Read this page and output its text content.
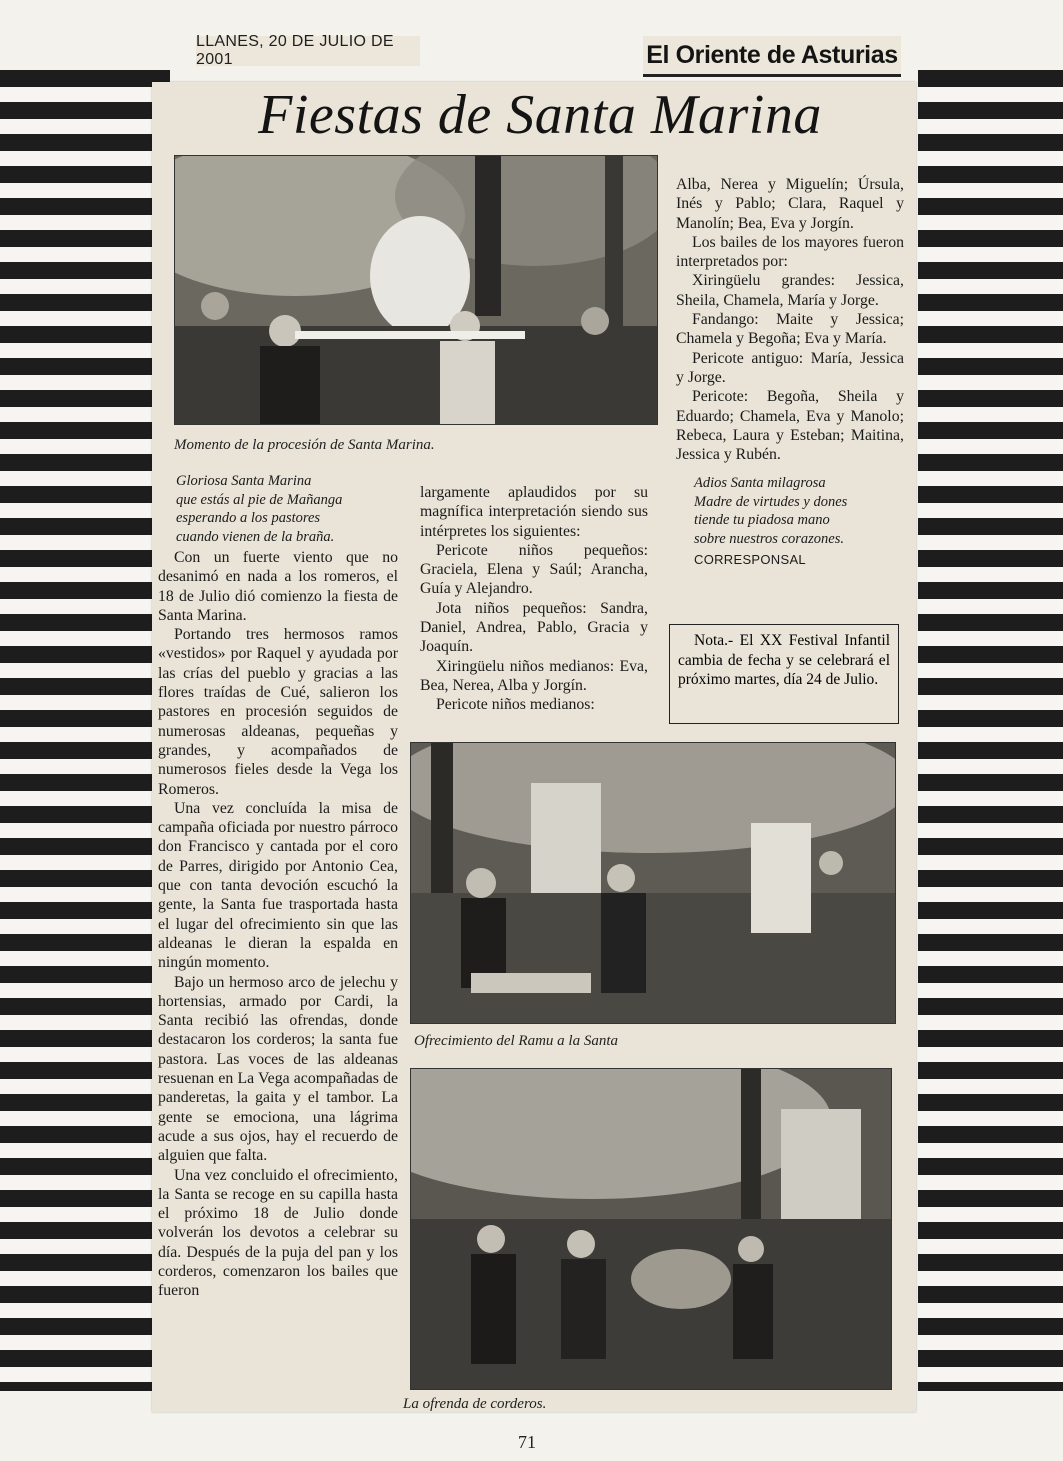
LLANES, 20 DE JULIO DE 2001	El Oriente de Asturias
Fiestas de Santa Marina
Momento de la procesión de Santa Marina.
Gloriosa Santa Marina
que estás al pie de Mañanga
esperando a los pastores
cuando vienen de la braña.

Con un fuerte viento que no desanimó en nada a los romeros, el 18 de Julio dió comienzo la fiesta de Santa Marina.

Portando tres hermosos ramos «vestidos» por Raquel y ayudada por las crías del pueblo y gracias a las flores traídas de Cué, salieron los pastores en procesión seguidos de numerosas aldeanas, pequeñas y grandes, y acompañados de numerosos fieles desde la Vega los Romeros.

Una vez concluída la misa de campaña oficiada por nuestro párroco don Francisco y cantada por el coro de Parres, dirigido por Antonio Cea, que con tanta devoción escuchó la gente, la Santa fue trasportada hasta el lugar del ofrecimiento sin que las aldeanas le dieran la espalda en ningún momento.

Bajo un hermoso arco de jelechu y hortensias, armado por Cardi, la Santa recibió las ofrendas, donde destacaron los corderos; la santa fue pastora. Las voces de las aldeanas resuenan en La Vega acompañadas de panderetas, la gaita y el tambor. La gente se emociona, una lágrima acude a sus ojos, hay el recuerdo de alguien que falta.

Una vez concluido el ofrecimiento, la Santa se recoge en su capilla hasta el próximo 18 de Julio donde volverán los devotos a celebrar su día. Después de la puja del pan y los corderos, comenzaron los bailes que fueron

largamente aplaudidos por su magnífica interpretación siendo sus intérpretes los siguientes:

Pericote niños pequeños: Graciela, Elena y Saúl; Arancha, Guía y Alejandro.

Jota niños pequeños: Sandra, Daniel, Andrea, Pablo, Gracia y Joaquín.

Xiringüelu niños medianos: Eva, Bea, Nerea, Alba y Jorgín.

Pericote niños medianos:

Alba, Nerea y Miguelín; Úrsula, Inés y Pablo; Clara, Raquel y Manolín; Bea, Eva y Jorgín.

Los bailes de los mayores fueron interpretados por:

Xiringüelu grandes: Jessica, Sheila, Chamela, María y Jorge.

Fandango: Maite y Jessica; Chamela y Begoña; Eva y María.

Pericote antiguo: María, Jessica y Jorge.

Pericote: Begoña, Sheila y Eduardo; Chamela, Eva y Manolo; Rebeca, Laura y Esteban; Maitina, Jessica y Rubén.

Adios Santa milagrosa
Madre de virtudes y dones
tiende tu piadosa mano
sobre nuestros corazones.
CORRESPONSAL

Nota.- El XX Festival Infantil cambia de fecha y se celebrará el próximo martes, día 24 de Julio.

Ofrecimiento del Ramu a la Santa
La ofrenda de corderos.
71
